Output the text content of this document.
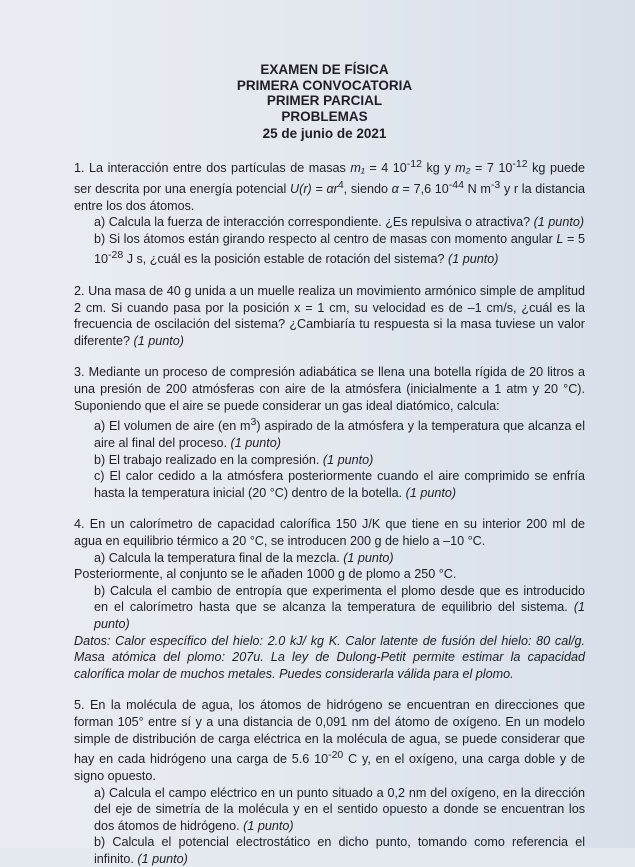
EXAMEN DE FÍSICA
PRIMERA CONVOCATORIA
PRIMER PARCIAL
PROBLEMAS
25 de junio de 2021

1. La interacción entre dos partículas de masas m₁ = 4 $10^{-12}$ kg y m₂ = 7 $10^{-12}$ kg puede ser descrita por una energía potencial $U(r) = \alpha r^4$, siendo α = 7,6 $10^{-44}$ N $m^{-3}$ y r la distancia entre los dos átomos.

a) Calcula la fuerza de interacción correspondiente. ¿Es repulsiva o atractiva? (1 punto)

b) Si los átomos están girando respecto al centro de masas con momento angular L = 5 $10^{-28}$ J s, ¿cuál es la posición estable de rotación del sistema? (1 punto)

2. Una masa de 40 g unida a un muelle realiza un movimiento armónico simple de amplitud 2 cm. Si cuando pasa por la posición x = 1 cm, su velocidad es de –1 cm/s, ¿cuál es la frecuencia de oscilación del sistema? ¿Cambiaría tu respuesta si la masa tuviese un valor diferente? (1 punto)

3. Mediante un proceso de compresión adiabática se llena una botella rígida de 20 litros a una presión de 200 atmósferas con aire de la atmósfera (inicialmente a 1 atm y 20 °C). Suponiendo que el aire se puede considerar un gas ideal diatómico, calcula:

a) El volumen de aire (en $m^3$) aspirado de la atmósfera y la temperatura que alcanza el aire al final del proceso. (1 punto)

b) El trabajo realizado en la compresión. (1 punto)

c) El calor cedido a la atmósfera posteriormente cuando el aire comprimido se enfría hasta la temperatura inicial (20 °C) dentro de la botella. (1 punto)

4. En un calorímetro de capacidad calorífica 150 J/K que tiene en su interior 200 ml de agua en equilibrio térmico a 20 °C, se introducen 200 g de hielo a –10 °C.

a) Calcula la temperatura final de la mezcla. (1 punto)

Posteriormente, al conjunto se le añaden 1000 g de plomo a 250 °C.

b) Calcula el cambio de entropía que experimenta el plomo desde que es introducido en el calorímetro hasta que se alcanza la temperatura de equilibrio del sistema. (1 punto)

Datos: Calor específico del hielo: 2.0 kJ/ kg K. Calor latente de fusión del hielo: 80 cal/g. Masa atómica del plomo: 207u. La ley de Dulong-Petit permite estimar la capacidad calorífica molar de muchos metales. Puedes considerarla válida para el plomo.

5. En la molécula de agua, los átomos de hidrógeno se encuentran en direcciones que forman 105° entre sí y a una distancia de 0,091 nm del átomo de oxígeno. En un modelo simple de distribución de carga eléctrica en la molécula de agua, se puede considerar que hay en cada hidrógeno una carga de 5.6 $10^{-20}$ C y, en el oxígeno, una carga doble y de signo opuesto.

a) Calcula el campo eléctrico en un punto situado a 0,2 nm del oxígeno, en la dirección del eje de simetría de la molécula y en el sentido opuesto a donde se encuentran los dos átomos de hidrógeno. (1 punto)

b) Calcula el potencial electrostático en dicho punto, tomando como referencia el infinito. (1 punto)
